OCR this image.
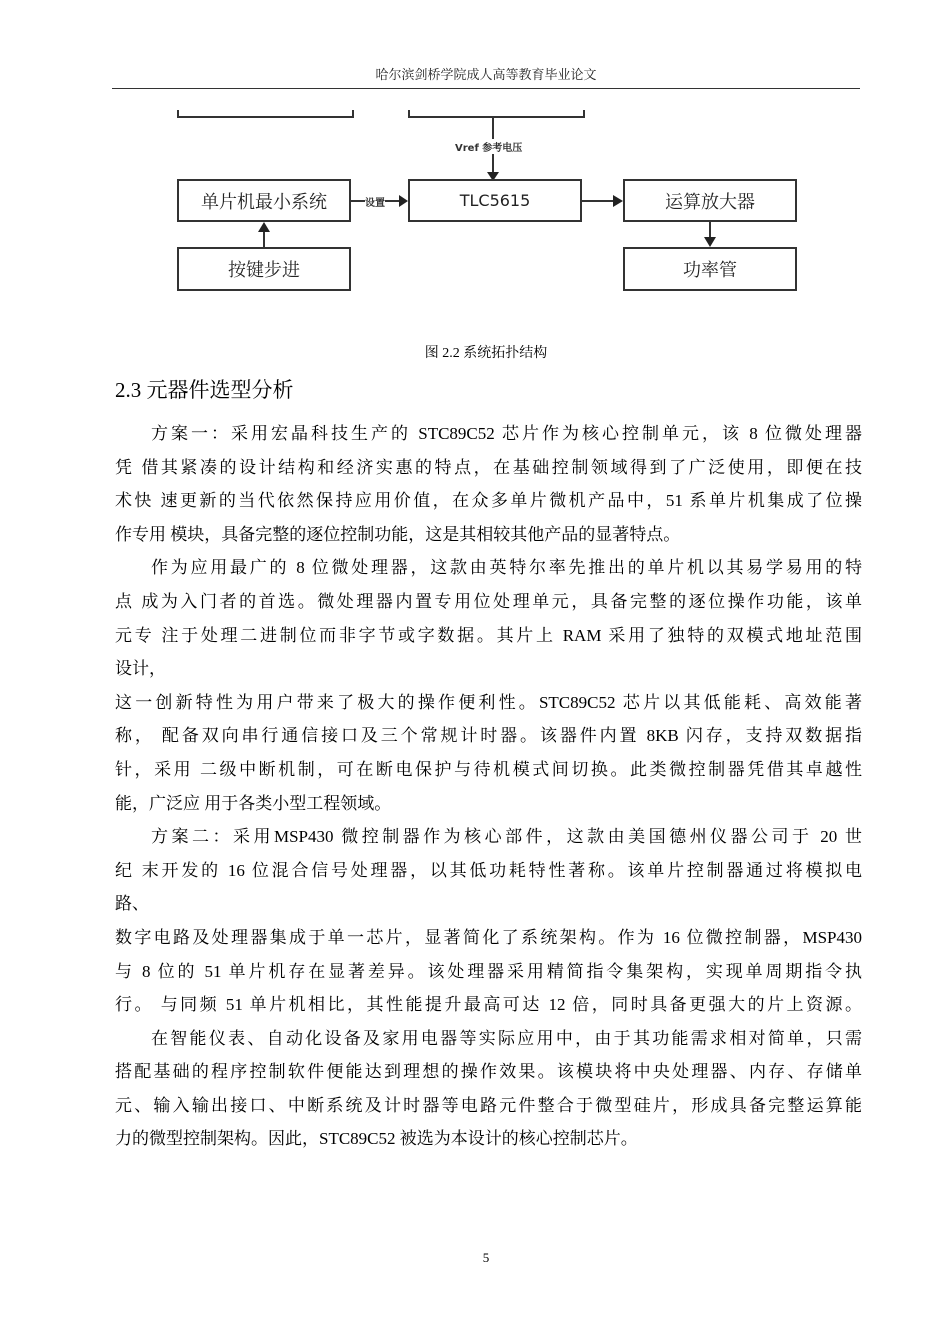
哈尔滨剑桥学院成人高等教育毕业论文
Vref 参考电压
单片机最小系统	TLC5615	运算放大器
按键步进	功率管
设置
图 2.2 系统拓扑结构
2.3 元器件选型分析
方案一：采用宏晶科技生产的 STC89C52 芯片作为核心控制单元，该 8 位微处理器
凭 借其紧凑的设计结构和经济实惠的特点，在基础控制领域得到了广泛使用，即便在技
术快 速更新的当代依然保持应用价值，在众多单片微机产品中，51 系单片机集成了位操
作专用 模块，具备完整的逐位控制功能，这是其相较其他产品的显著特点。
作为应用最广的 8 位微处理器，这款由英特尔率先推出的单片机以其易学易用的特
点 成为入门者的首选。微处理器内置专用位处理单元，具备完整的逐位操作功能，该单
元专 注于处理二进制位而非字节或字数据。其片上 RAM 采用了独特的双模式地址范围
设计，
这一创新特性为用户带来了极大的操作便利性。STC89C52 芯片以其低能耗、高效能著
称， 配备双向串行通信接口及三个常规计时器。该器件内置 8KB 闪存，支持双数据指
针，采用 二级中断机制，可在断电保护与待机模式间切换。此类微控制器凭借其卓越性
能，广泛应 用于各类小型工程领域。
方案二：采用MSP430 微控制器作为核心部件，这款由美国德州仪器公司于 20 世
纪 末开发的 16 位混合信号处理器，以其低功耗特性著称。该单片控制器通过将模拟电
路、
数字电路及处理器集成于单一芯片，显著简化了系统架构。作为 16 位微控制器，MSP430
与 8 位的 51 单片机存在显著差异。该处理器采用精简指令集架构，实现单周期指令执
行。 与同频 51 单片机相比，其性能提升最高可达 12 倍，同时具备更强大的片上资源。
在智能仪表、自动化设备及家用电器等实际应用中，由于其功能需求相对简单，只需
搭配基础的程序控制软件便能达到理想的操作效果。该模块将中央处理器、内存、存储单
元、输入输出接口、中断系统及计时器等电路元件整合于微型硅片，形成具备完整运算能
力的微型控制架构。因此，STC89C52 被选为本设计的核心控制芯片。
5
